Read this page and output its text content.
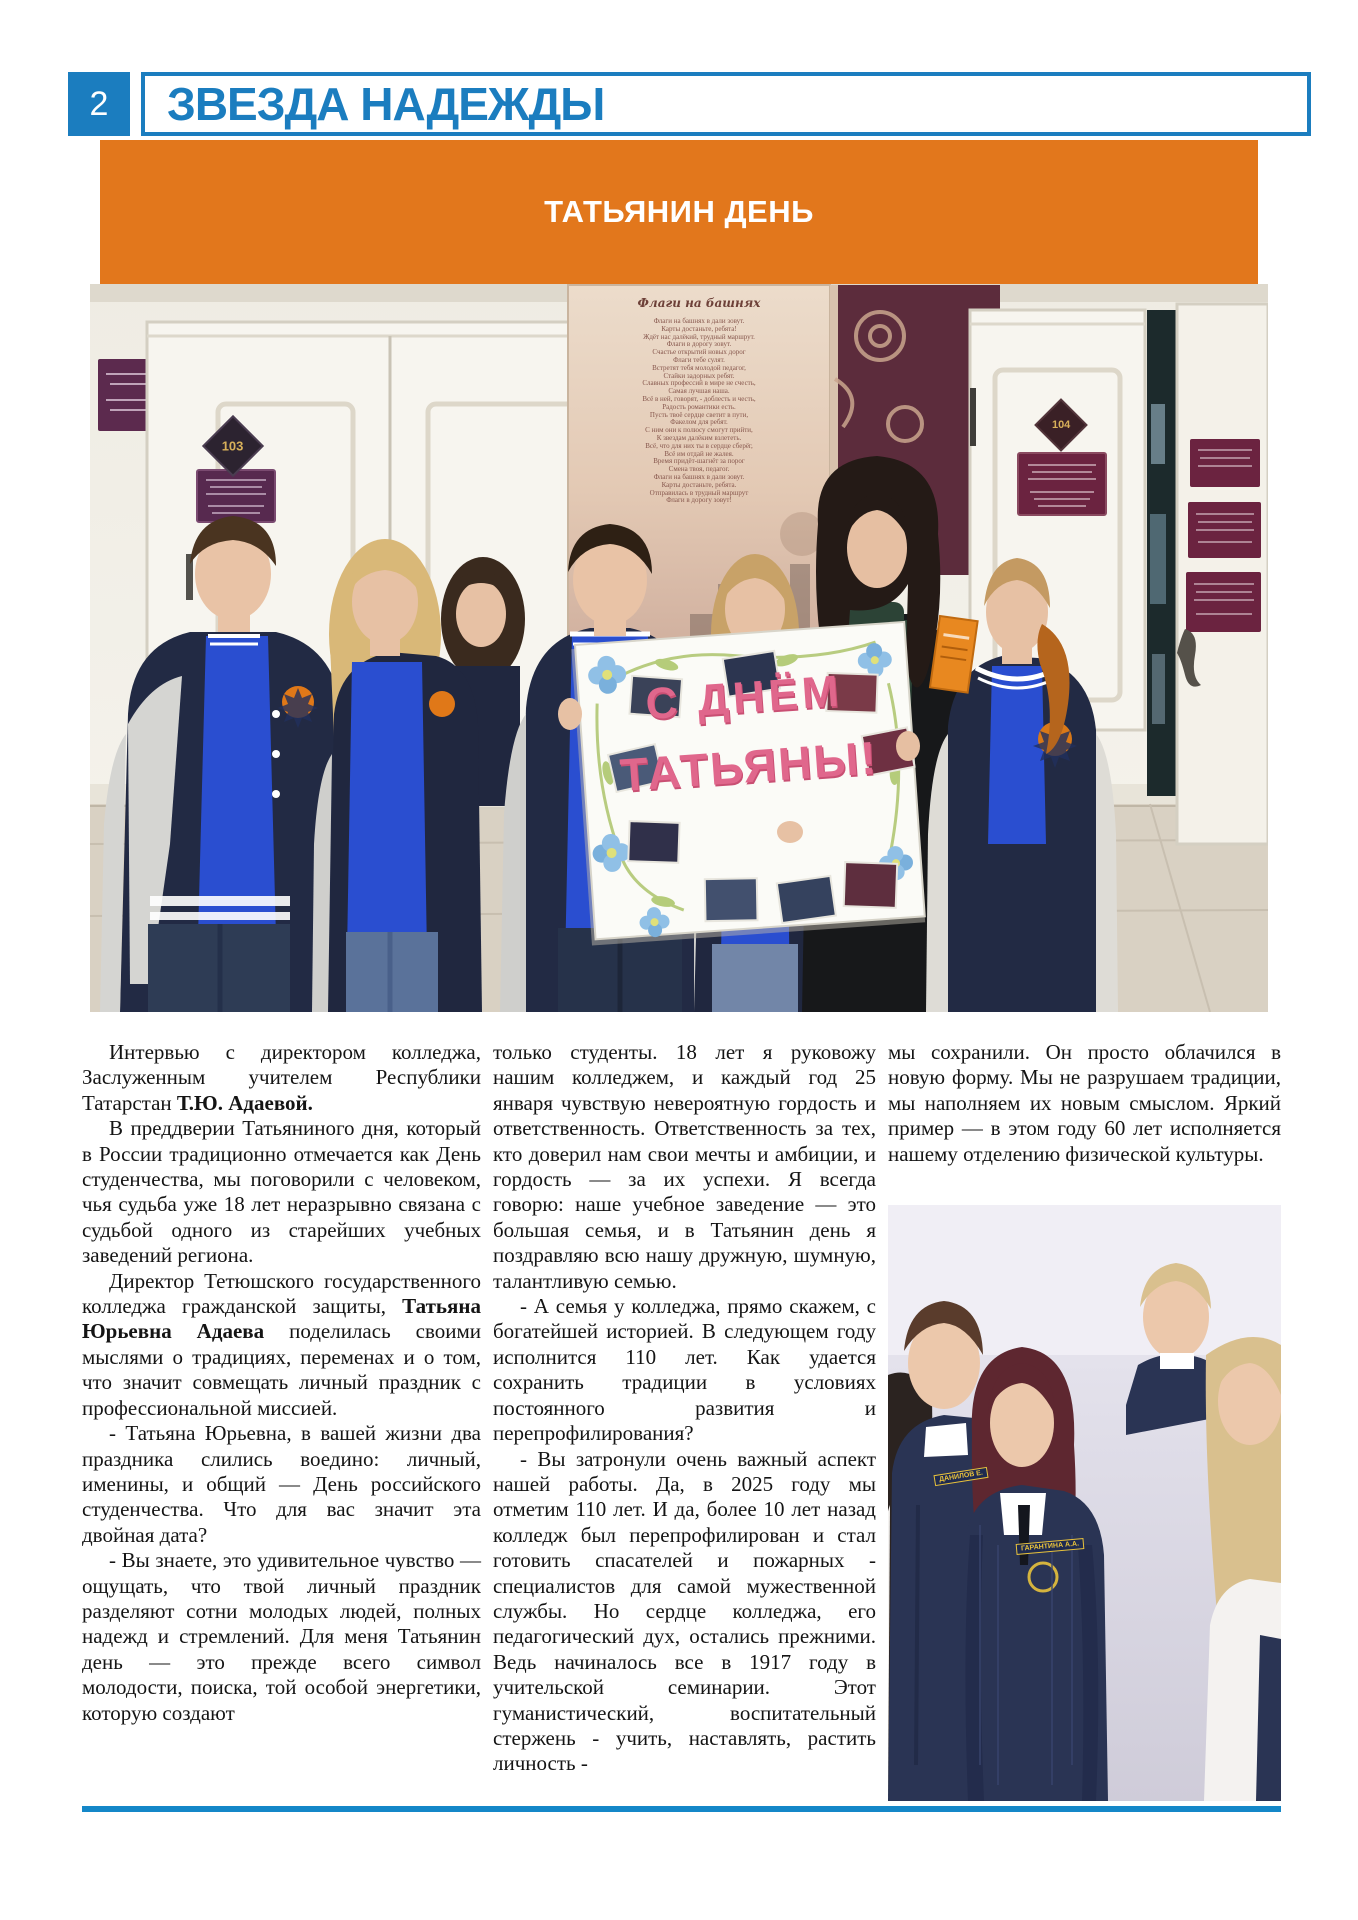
2	ЗВЕЗДА НАДЕЖДЫ
ТАТЬЯНИН ДЕНЬ
103
104
Флаги на башнях
Флаги на башнях в дали зовут.
Карты достаньте, ребята!
Ждёт нас далёкий, трудный маршрут.
Флаги в дорогу зовут.
Счастье открытий новых дорог
Флаги тебе сулят.
Встретят тебя молодой педагог,
Стайки задорных ребят.
Славных профессий в мире не счесть,
Самая лучшая наша.
Всё в ней, говорят, - доблесть и честь,
Радость романтики есть.
Пусть твоё сердце светит в пути,
Факелом для ребят.
С ним они к полюсу смогут прийти,
К звездам далёким взлететь.
Всё, что для них ты в сердце сберёг,
Всё им отдай не жалея.
Время придёт-шагнёт за порог
Смена твоя, педагог.
Флаги на башнях в дали зовут.
Карты достаньте, ребята.
Отправилась в трудный маршрут
Флаги в дорогу зовут!
С ДНЁМ
ТАТЬЯНЫ!

Интервью с директором колледжа, Заслуженным учителем Республики Татарстан Т.Ю. Адаевой.

В преддверии Татьяниного дня, который в России традиционно отмечается как День студенчества, мы поговорили с человеком, чья судьба уже 18 лет неразрывно связана с судьбой одного из старейших учебных заведений региона.

Директор Тетюшского государственного колледжа гражданской защиты, Татьяна Юрьевна Адаева поделилась своими мыслями о традициях, переменах и о том, что значит совмещать личный праздник с профессиональной миссией.

- Татьяна Юрьевна, в вашей жизни два праздника слились воедино: личный, именины, и общий — День российского студенчества. Что для вас значит эта двойная дата?

- Вы знаете, это удивительное чувство — ощущать, что твой личный праздник разделяют сотни молодых людей, полных надежд и стремлений. Для меня Татьянин день — это прежде всего символ молодости, поиска, той особой энергетики, которую создают

только студенты. 18 лет я руковожу нашим колледжем, и каждый год 25 января чувствую невероятную гордость и ответственность. Ответственность за тех, кто доверил нам свои мечты и амбиции, и гордость — за их успехи. Я всегда говорю: наше учебное заведение — это большая семья, и в Татьянин день я поздравляю всю нашу дружную, шумную, талантливую семью.

- А семья у колледжа, прямо скажем, с богатейшей историей. В следующем году исполнится 110 лет. Как удается сохранить традиции в условиях постоянного развития и перепрофилирования?

- Вы затронули очень важный аспект нашей работы. Да, в 2025 году мы отметим 110 лет. И да, более 10 лет назад колледж был перепрофилирован и стал готовить спасателей и пожарных - специалистов для самой мужественной службы. Но сердце колледжа, его педагогический дух, остались прежними. Ведь начиналось все в 1917 году в учительской семинарии. Этот гуманистический, воспитательный стержень - учить, наставлять, растить личность -

мы сохранили. Он просто облачился в новую форму. Мы не разрушаем традиции, мы наполняем их новым смыслом. Яркий пример — в этом году 60 лет исполняется нашему отделению физической культуры.

ДАНИЛОВ Е.
ГАРАНТИНА А.А.
